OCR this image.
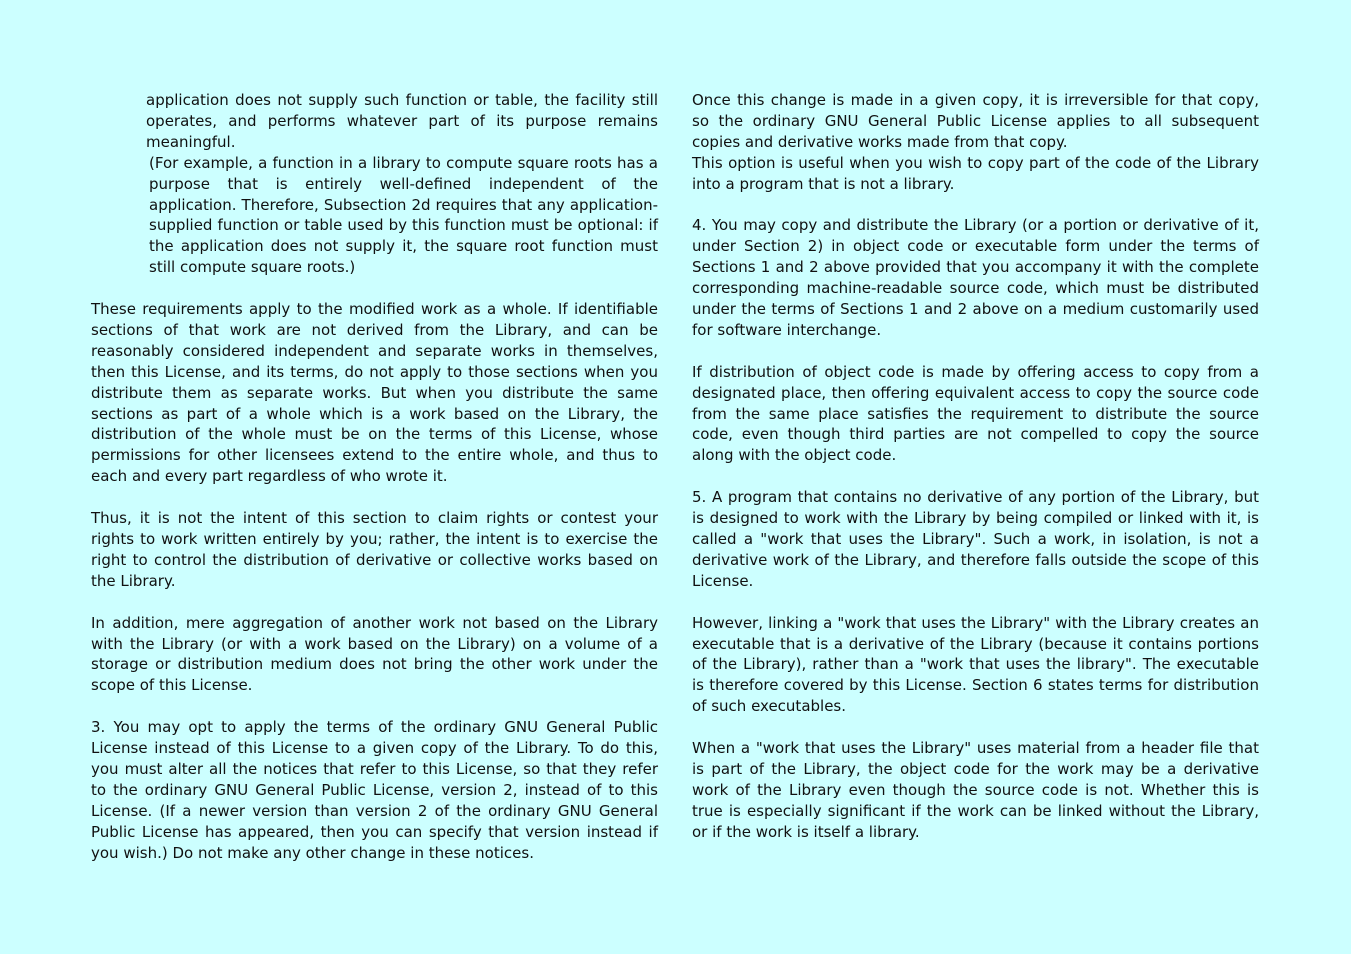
application does not supply such function or table, the facility still operates, and performs whatever part of its purpose remains meaningful.

(For example, a function in a library to compute square roots has a purpose that is entirely well-defined independent of the application. Therefore, Subsection 2d requires that any application-supplied function or table used by this function must be optional: if the application does not supply it, the square root function must still compute square roots.)

These requirements apply to the modified work as a whole. If identifiable sections of that work are not derived from the Library, and can be reasonably considered independent and separate works in themselves, then this License, and its terms, do not apply to those sections when you distribute them as separate works. But when you distribute the same sections as part of a whole which is a work based on the Library, the distribution of the whole must be on the terms of this License, whose permissions for other licensees extend to the entire whole, and thus to each and every part regardless of who wrote it.

Thus, it is not the intent of this section to claim rights or contest your rights to work written entirely by you; rather, the intent is to exercise the right to control the distribution of derivative or collective works based on the Library.

In addition, mere aggregation of another work not based on the Library with the Library (or with a work based on the Library) on a volume of a storage or distribution medium does not bring the other work under the scope of this License.

3. You may opt to apply the terms of the ordinary GNU General Public License instead of this License to a given copy of the Library. To do this, you must alter all the notices that refer to this License, so that they refer to the ordinary GNU General Public License, version 2, instead of to this License. (If a newer version than version 2 of the ordinary GNU General Public License has appeared, then you can specify that version instead if you wish.) Do not make any other change in these notices.

Once this change is made in a given copy, it is irreversible for that copy, so the ordinary GNU General Public License applies to all subsequent copies and derivative works made from that copy.

This option is useful when you wish to copy part of the code of the Library into a program that is not a library.

4. You may copy and distribute the Library (or a portion or derivative of it, under Section 2) in object code or executable form under the terms of Sections 1 and 2 above provided that you accompany it with the complete corresponding machine-readable source code, which must be distributed under the terms of Sections 1 and 2 above on a medium customarily used for software interchange.

If distribution of object code is made by offering access to copy from a designated place, then offering equivalent access to copy the source code from the same place satisfies the requirement to distribute the source code, even though third parties are not compelled to copy the source along with the object code.

5. A program that contains no derivative of any portion of the Library, but is designed to work with the Library by being compiled or linked with it, is called a "work that uses the Library". Such a work, in isolation, is not a derivative work of the Library, and therefore falls outside the scope of this License.

However, linking a "work that uses the Library" with the Library creates an executable that is a derivative of the Library (because it contains portions of the Library), rather than a "work that uses the library". The executable is therefore covered by this License. Section 6 states terms for distribution of such executables.

When a "work that uses the Library" uses material from a header file that is part of the Library, the object code for the work may be a derivative work of the Library even though the source code is not. Whether this is true is especially significant if the work can be linked without the Library, or if the work is itself a library.
